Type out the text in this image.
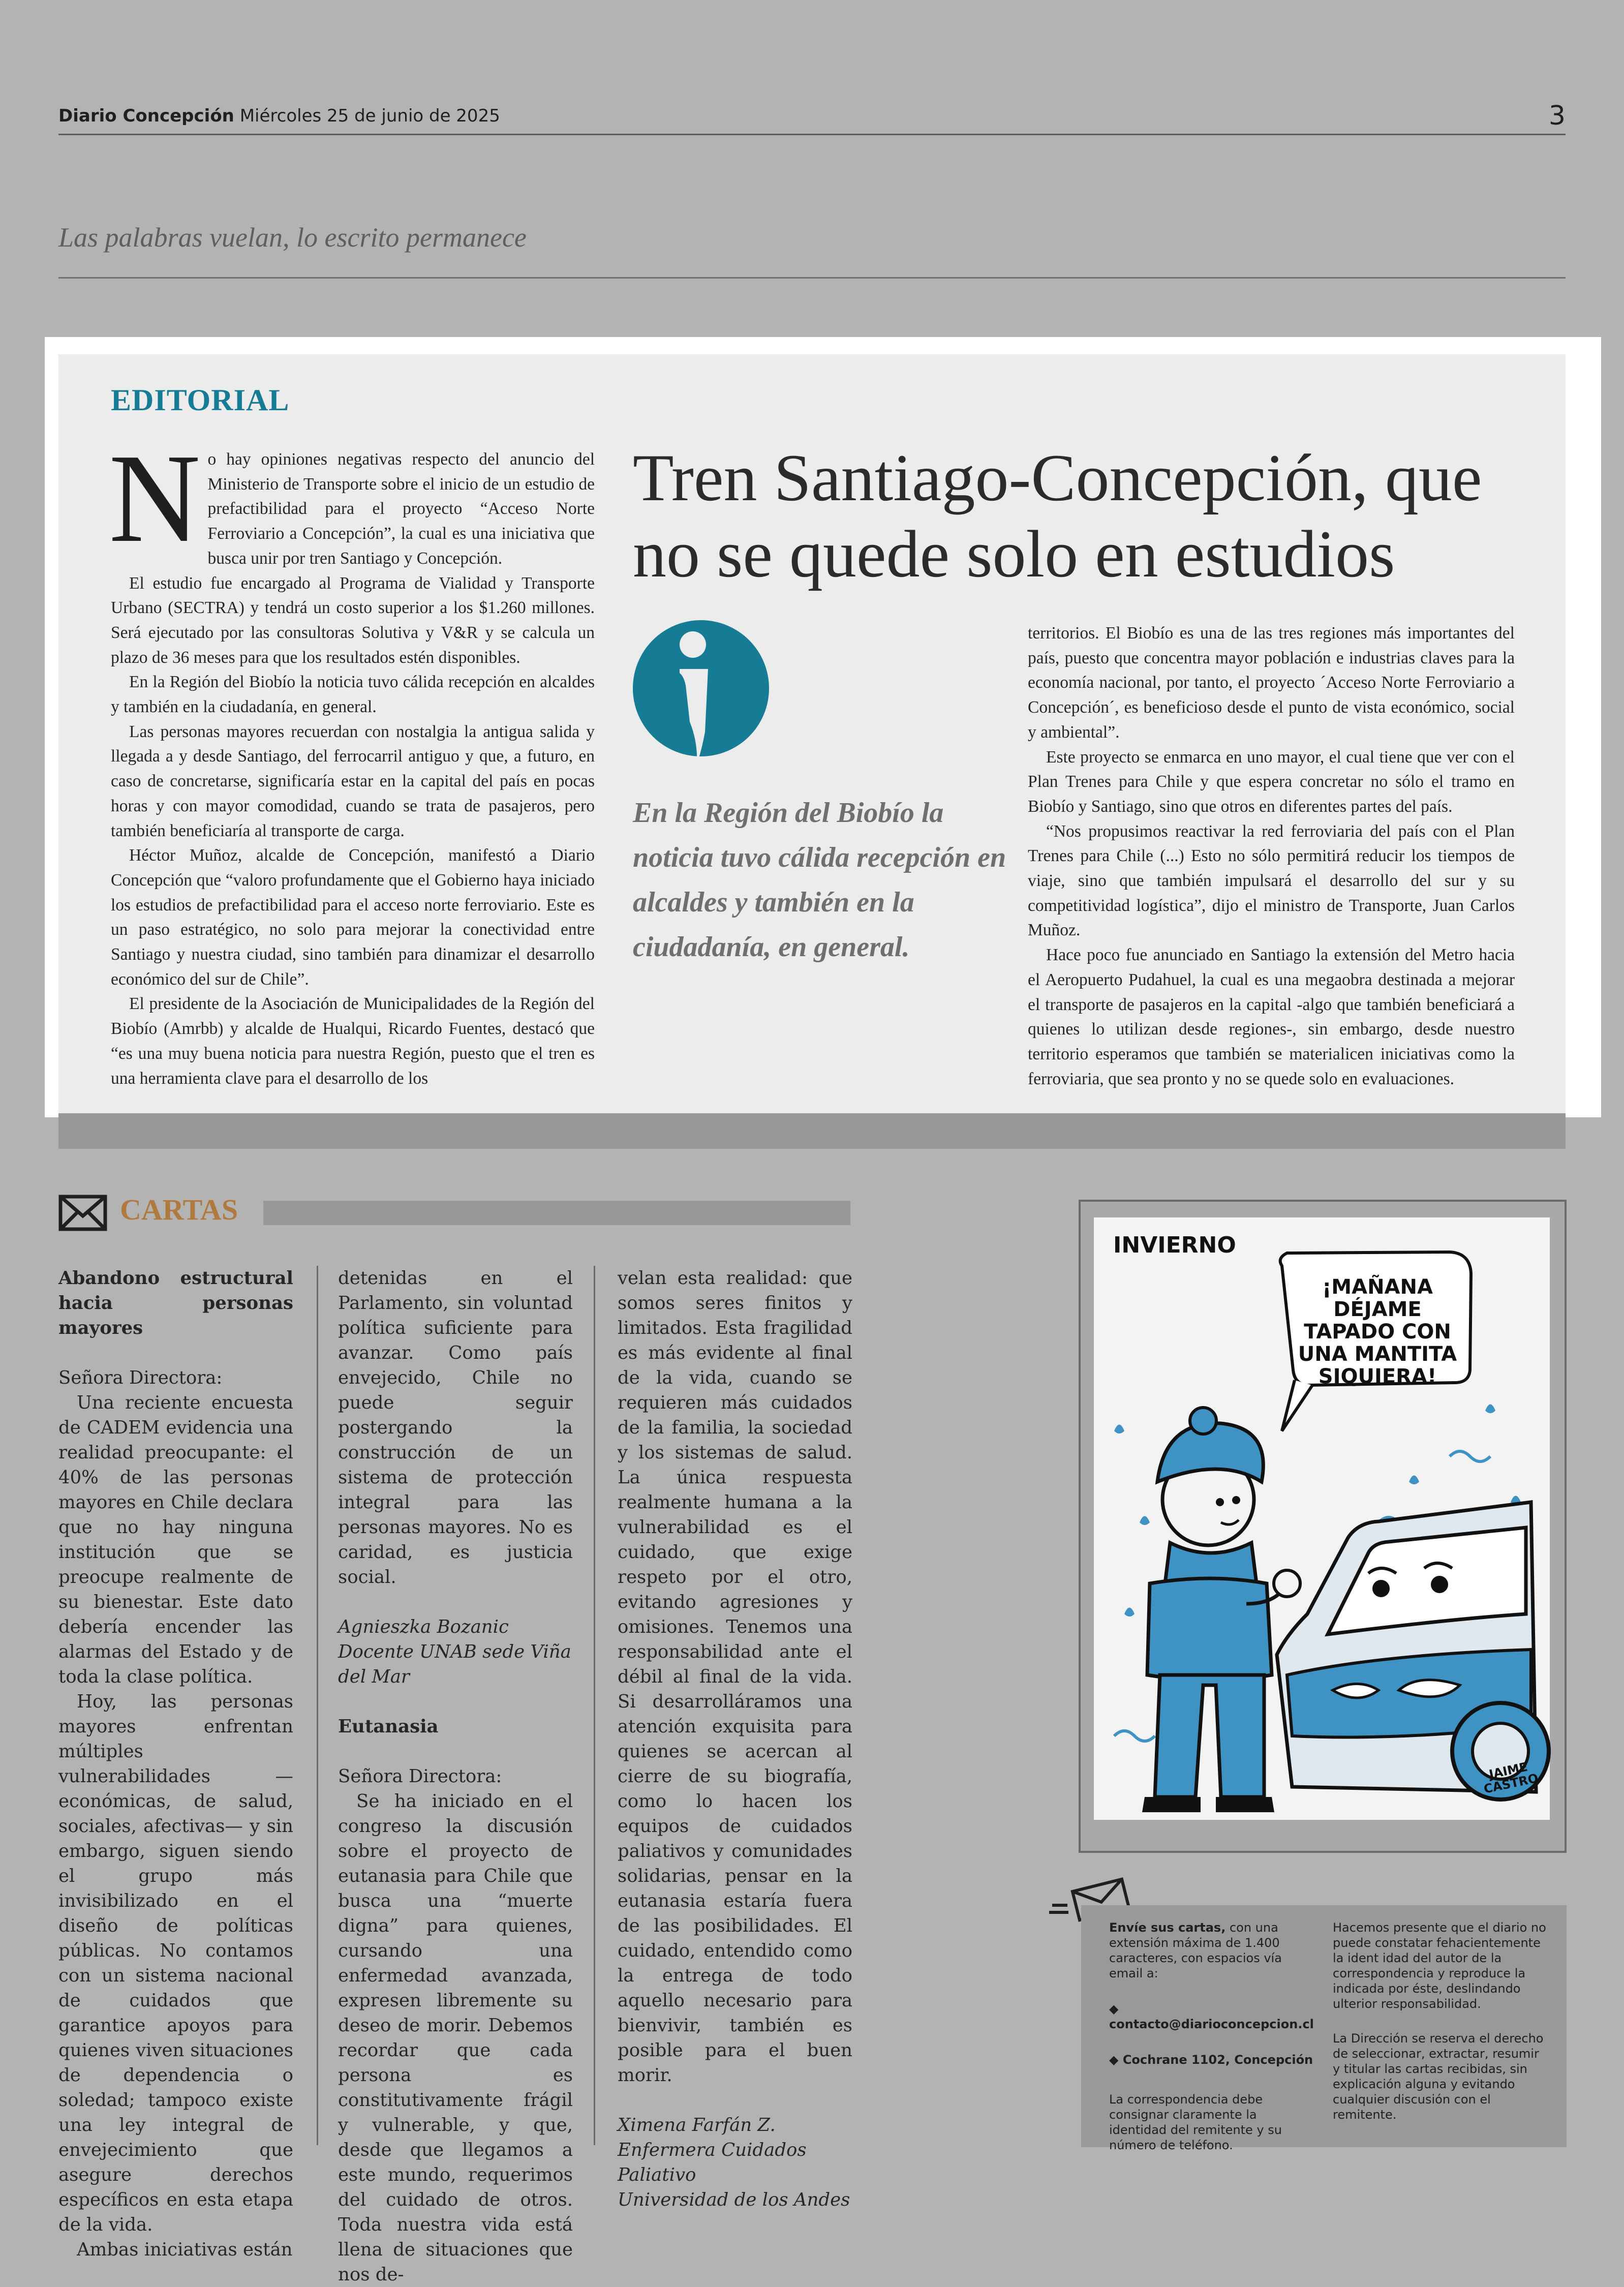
Diario Concepción Miércoles 25 de junio de 2025	3
Las palabras vuelan, lo escrito permanece
EDITORIAL

No hay opiniones negativas respecto del anuncio del Ministerio de Transporte sobre el inicio de un estudio de prefactibilidad para el proyecto “Acceso Norte Ferroviario a Concepción”, la cual es una iniciativa que busca unir por tren Santiago y Concepción.

El estudio fue encargado al Programa de Vialidad y Transporte Urbano (SECTRA) y tendrá un costo superior a los $1.260 millones. Será ejecutado por las consultoras Solutiva y V&R y se calcula un plazo de 36 meses para que los resultados estén disponibles.

En la Región del Biobío la noticia tuvo cálida recepción en alcaldes y también en la ciudadanía, en general.

Las personas mayores recuerdan con nostalgia la antigua salida y llegada a y desde Santiago, del ferrocarril antiguo y que, a futuro, en caso de concretarse, significaría estar en la capital del país en pocas horas y con mayor comodidad, cuando se trata de pasajeros, pero también beneficiaría al transporte de carga.

Héctor Muñoz, alcalde de Concepción, manifestó a Diario Concepción que “valoro profundamente que el Gobierno haya iniciado los estudios de prefactibilidad para el acceso norte ferroviario. Este es un paso estratégico, no solo para mejorar la conectividad entre Santiago y nuestra ciudad, sino también para dinamizar el desarrollo económico del sur de Chile”.

El presidente de la Asociación de Municipalidades de la Región del Biobío (Amrbb) y alcalde de Hualqui, Ricardo Fuentes, destacó que “es una muy buena noticia para nuestra Región, puesto que el tren es una herramienta clave para el desarrollo de los

Tren Santiago-Concepción, que no se quede solo en estudios
En la Región del Biobío la noticia tuvo cálida recepción en alcaldes y también en la ciudadanía, en general.

territorios. El Biobío es una de las tres regiones más importantes del país, puesto que concentra mayor población e industrias claves para la economía nacional, por tanto, el proyecto ´Acceso Norte Ferroviario a Concepción´, es beneficioso desde el punto de vista económico, social y ambiental”.

Este proyecto se enmarca en uno mayor, el cual tiene que ver con el Plan Trenes para Chile y que espera concretar no sólo el tramo en Biobío y Santiago, sino que otros en diferentes partes del país.

“Nos propusimos reactivar la red ferroviaria del país con el Plan Trenes para Chile (...) Esto no sólo permitirá reducir los tiempos de viaje, sino que también impulsará el desarrollo del sur y su competitividad logística”, dijo el ministro de Transporte, Juan Carlos Muñoz.

Hace poco fue anunciado en Santiago la extensión del Metro hacia el Aeropuerto Pudahuel, la cual es una megaobra destinada a mejorar el transporte de pasajeros en la capital -algo que también beneficiará a quienes lo utilizan desde regiones-, sin embargo, desde nuestro territorio esperamos que también se materialicen iniciativas como la ferroviaria, que sea pronto y no se quede solo en evaluaciones.

CARTAS

Abandono estructural hacia personas mayores

Señora Directora:

Una reciente encuesta de CADEM evidencia una realidad preocupante: el 40% de las personas mayores en Chile declara que no hay ninguna institución que se preocupe realmente de su bienestar. Este dato debería encender las alarmas del Estado y de toda la clase política.

Hoy, las personas mayores enfrentan múltiples vulnerabilidades —económicas, de salud, sociales, afectivas— y sin embargo, siguen siendo el grupo más invisibilizado en el diseño de políticas públicas. No contamos con un sistema nacional de cuidados que garantice apoyos para quienes viven situaciones de dependencia o soledad; tampoco existe una ley integral de envejecimiento que asegure derechos específicos en esta etapa de la vida.

Ambas iniciativas están

detenidas en el Parlamento, sin voluntad política suficiente para avanzar. Como país envejecido, Chile no puede seguir postergando la construcción de un sistema de protección integral para las personas mayores. No es caridad, es justicia social.

Agnieszka Bozanic
Docente UNAB sede Viña del Mar

Eutanasia

Señora Directora:

Se ha iniciado en el congreso la discusión sobre el proyecto de eutanasia para Chile que busca una “muerte digna” para quienes, cursando una enfermedad avanzada, expresen libremente su deseo de morir. Debemos recordar que cada persona es constitutivamente frágil y vulnerable, y que, desde que llegamos a este mundo, requerimos del cuidado de otros. Toda nuestra vida está llena de situaciones que nos de-

velan esta realidad: que somos seres finitos y limitados. Esta fragilidad es más evidente al final de la vida, cuando se requieren más cuidados de la familia, la sociedad y los sistemas de salud. La única respuesta realmente humana a la vulnerabilidad es el cuidado, que exige respeto por el otro, evitando agresiones y omisiones. Tenemos una responsabilidad ante el débil al final de la vida. Si desarrolláramos una atención exquisita para quienes se acercan al cierre de su biografía, como lo hacen los equipos de cuidados paliativos y comunidades solidarias, pensar en la eutanasia estaría fuera de las posibilidades. El cuidado, entendido como la entrega de todo aquello necesario para bienvivir, también es posible para el buen morir.

Ximena Farfán Z.
Enfermera Cuidados Paliativo
Universidad de los Andes

INVIERNO
¡MAÑANA DÉJAME TAPADO CON UNA MANTITA SIQUIERA!
JAIME CASTRO

Envíe sus cartas, con una extensión máxima de 1.400 caracteres, con espacios vía email a:

◆ contacto@diarioconcepcion.cl

◆ Cochrane 1102, Concepción

La correspondencia debe consignar claramente la identidad del remitente y su número de teléfono.

Hacemos presente que el diario no puede constatar fehacientemente la ident idad del autor de la correspondencia y reproduce la indicada por éste, deslindando ulterior responsabilidad.

La Dirección se reserva el derecho de seleccionar, extractar, resumir y titular las cartas recibidas, sin explicación alguna y evitando cualquier discusión con el remitente.
